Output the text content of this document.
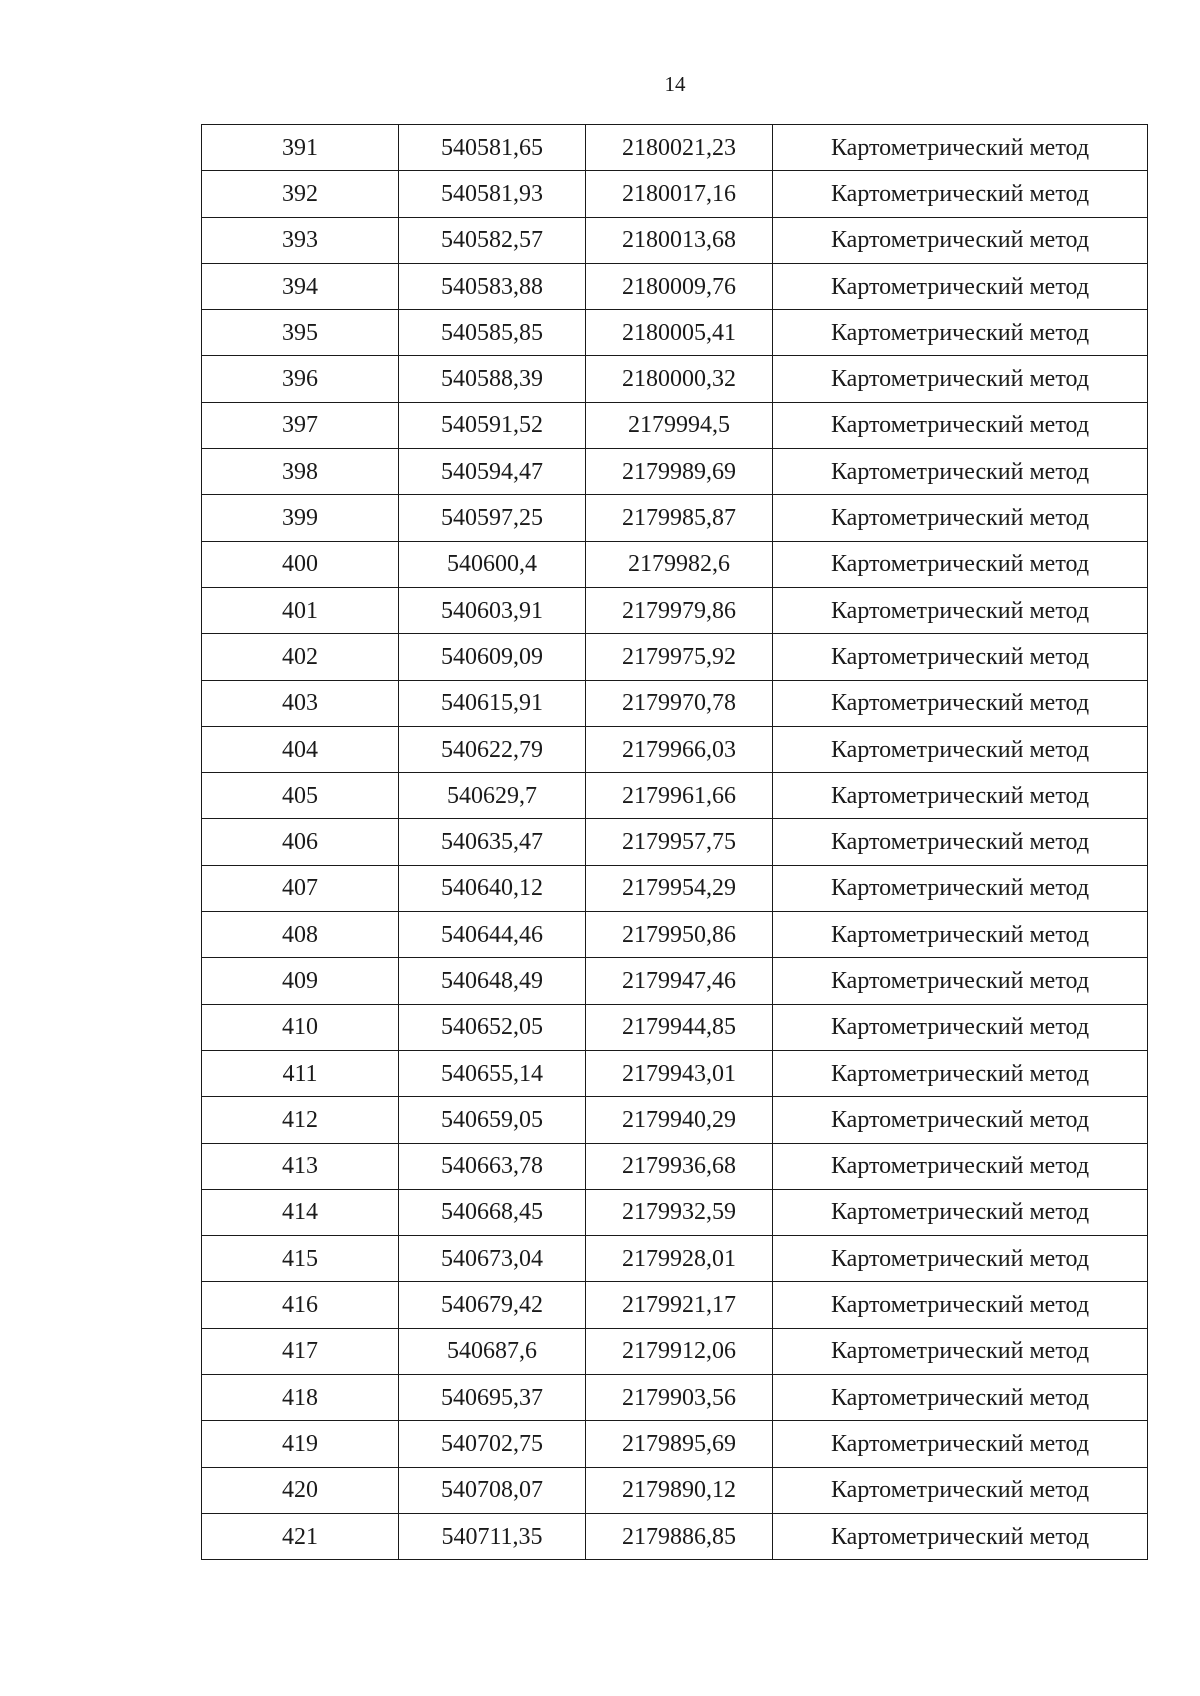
14
391	540581,65	2180021,23	Картометрический метод
392	540581,93	2180017,16	Картометрический метод
393	540582,57	2180013,68	Картометрический метод
394	540583,88	2180009,76	Картометрический метод
395	540585,85	2180005,41	Картометрический метод
396	540588,39	2180000,32	Картометрический метод
397	540591,52	2179994,5	Картометрический метод
398	540594,47	2179989,69	Картометрический метод
399	540597,25	2179985,87	Картометрический метод
400	540600,4	2179982,6	Картометрический метод
401	540603,91	2179979,86	Картометрический метод
402	540609,09	2179975,92	Картометрический метод
403	540615,91	2179970,78	Картометрический метод
404	540622,79	2179966,03	Картометрический метод
405	540629,7	2179961,66	Картометрический метод
406	540635,47	2179957,75	Картометрический метод
407	540640,12	2179954,29	Картометрический метод
408	540644,46	2179950,86	Картометрический метод
409	540648,49	2179947,46	Картометрический метод
410	540652,05	2179944,85	Картометрический метод
411	540655,14	2179943,01	Картометрический метод
412	540659,05	2179940,29	Картометрический метод
413	540663,78	2179936,68	Картометрический метод
414	540668,45	2179932,59	Картометрический метод
415	540673,04	2179928,01	Картометрический метод
416	540679,42	2179921,17	Картометрический метод
417	540687,6	2179912,06	Картометрический метод
418	540695,37	2179903,56	Картометрический метод
419	540702,75	2179895,69	Картометрический метод
420	540708,07	2179890,12	Картометрический метод
421	540711,35	2179886,85	Картометрический метод
